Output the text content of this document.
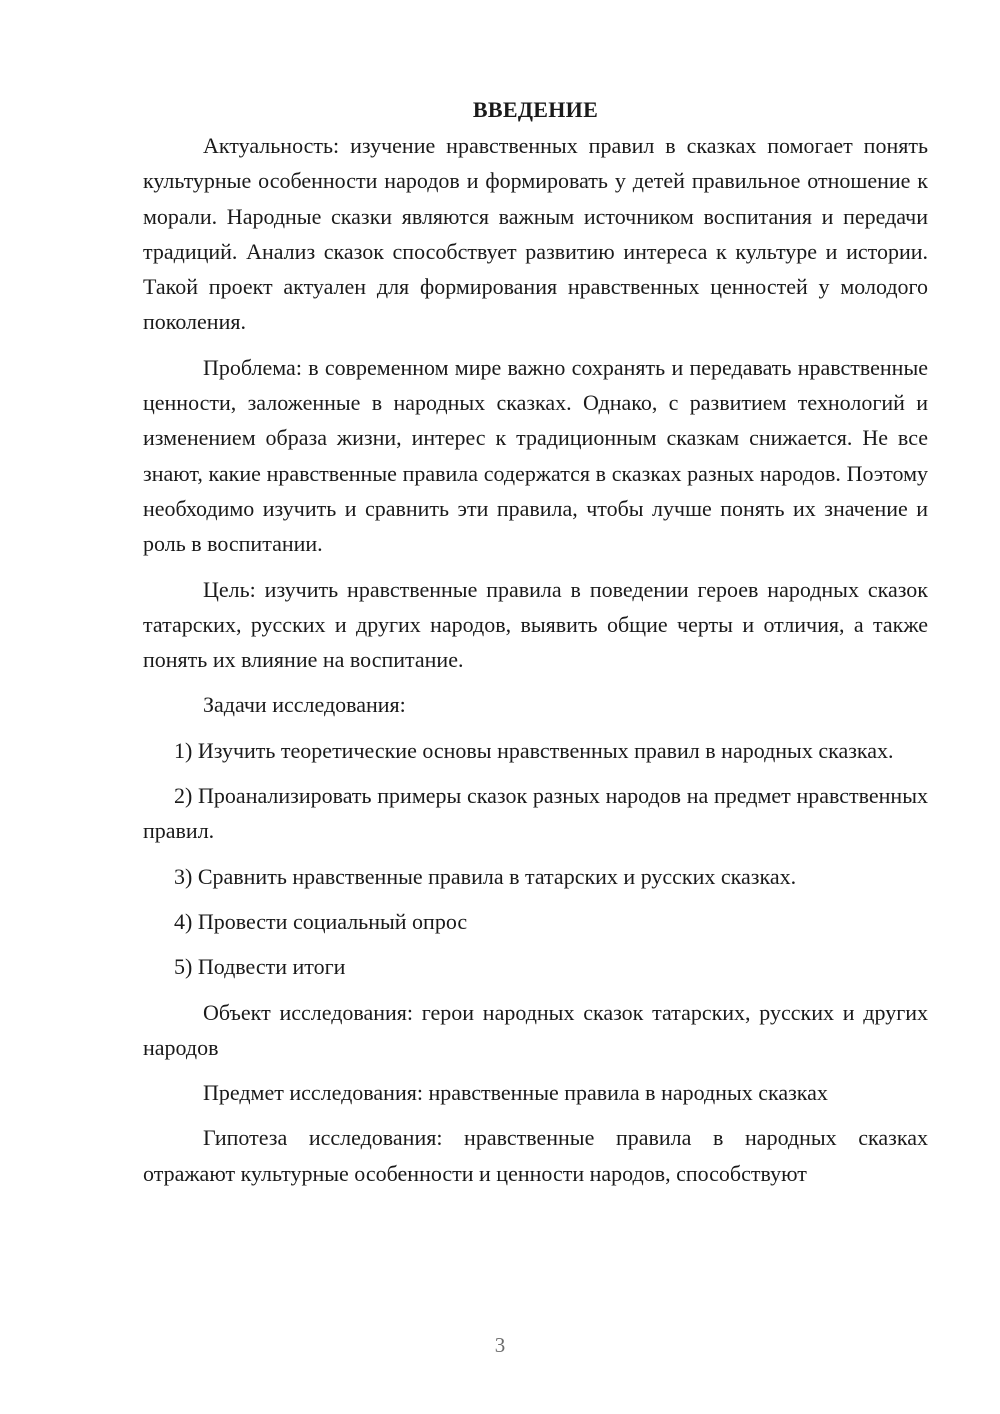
ВВЕДЕНИЕ

Актуальность: изучение нравственных правил в сказках помогает понять культурные особенности народов и формировать у детей правильное отношение к морали. Народные сказки являются важным источником воспитания и передачи традиций. Анализ сказок способствует развитию интереса к культуре и истории. Такой проект актуален для формирования нравственных ценностей у молодого поколения.

Проблема: в современном мире важно сохранять и передавать нравственные ценности, заложенные в народных сказках. Однако, с развитием технологий и изменением образа жизни, интерес к традиционным сказкам снижается. Не все знают, какие нравственные правила содержатся в сказках разных народов. Поэтому необходимо изучить и сравнить эти правила, чтобы лучше понять их значение и роль в воспитании.

Цель: изучить нравственные правила в поведении героев народных сказок татарских, русских и других народов, выявить общие черты и отличия, а также понять их влияние на воспитание.

Задачи исследования:

1) Изучить теоретические основы нравственных правил в народных сказках.

2) Проанализировать примеры сказок разных народов на предмет нравственных правил.

3) Сравнить нравственные правила в татарских и русских сказках.

4) Провести социальный опрос

5) Подвести итоги

Объект исследования: герои народных сказок татарских, русских и других народов

Предмет исследования: нравственные правила в народных сказках

Гипотеза исследования: нравственные правила в народных сказках отражают культурные особенности и ценности народов, способствуют

3
